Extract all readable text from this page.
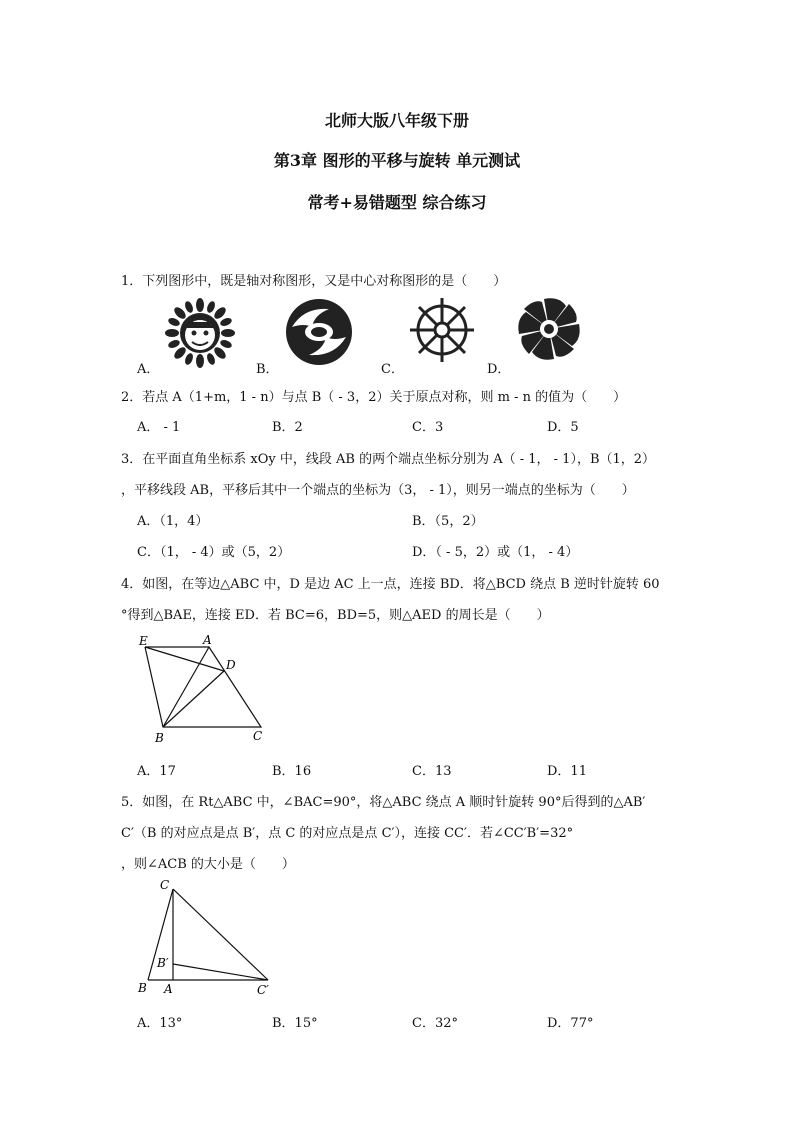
北师大版八年级下册
第3章 图形的平移与旋转 单元测试
常考+易错题型 综合练习
1．下列图形中，既是轴对称图形，又是中心对称图形的是（　　）
A．	B．	C．	D．
2．若点 A（1+m，1 - n）与点 B（ - 3，2）关于原点对称，则 m - n 的值为（　　）
A． - 1	B．2	C．3	D．5
3．在平面直角坐标系 xOy 中，线段 AB 的两个端点坐标分别为 A（ - 1， - 1），B（1，2）
，平移线段 AB，平移后其中一个端点的坐标为（3， - 1），则另一端点的坐标为（　　）
A．（1，4）	B．（5，2）
C．（1， - 4）或（5，2）	D．（ - 5，2）或（1， - 4）
4．如图，在等边△ABC 中，D 是边 AC 上一点，连接 BD．将△BCD 绕点 B 逆时针旋转 60
°得到△BAE，连接 ED．若 BC=6，BD=5，则△AED 的周长是（　　）
E	A
D
B	C
A．17	B．16	C．13	D．11
5．如图，在 Rt△ABC 中，∠BAC=90°，将△ABC 绕点 A 顺时针旋转 90°后得到的△AB′
C′（B 的对应点是点 B′，点 C 的对应点是点 C′），连接 CC′．若∠CC′B′=32°
，则∠ACB 的大小是（　　）
C
B′
B A	C′
A．13°	B．15°	C．32°	D．77°
